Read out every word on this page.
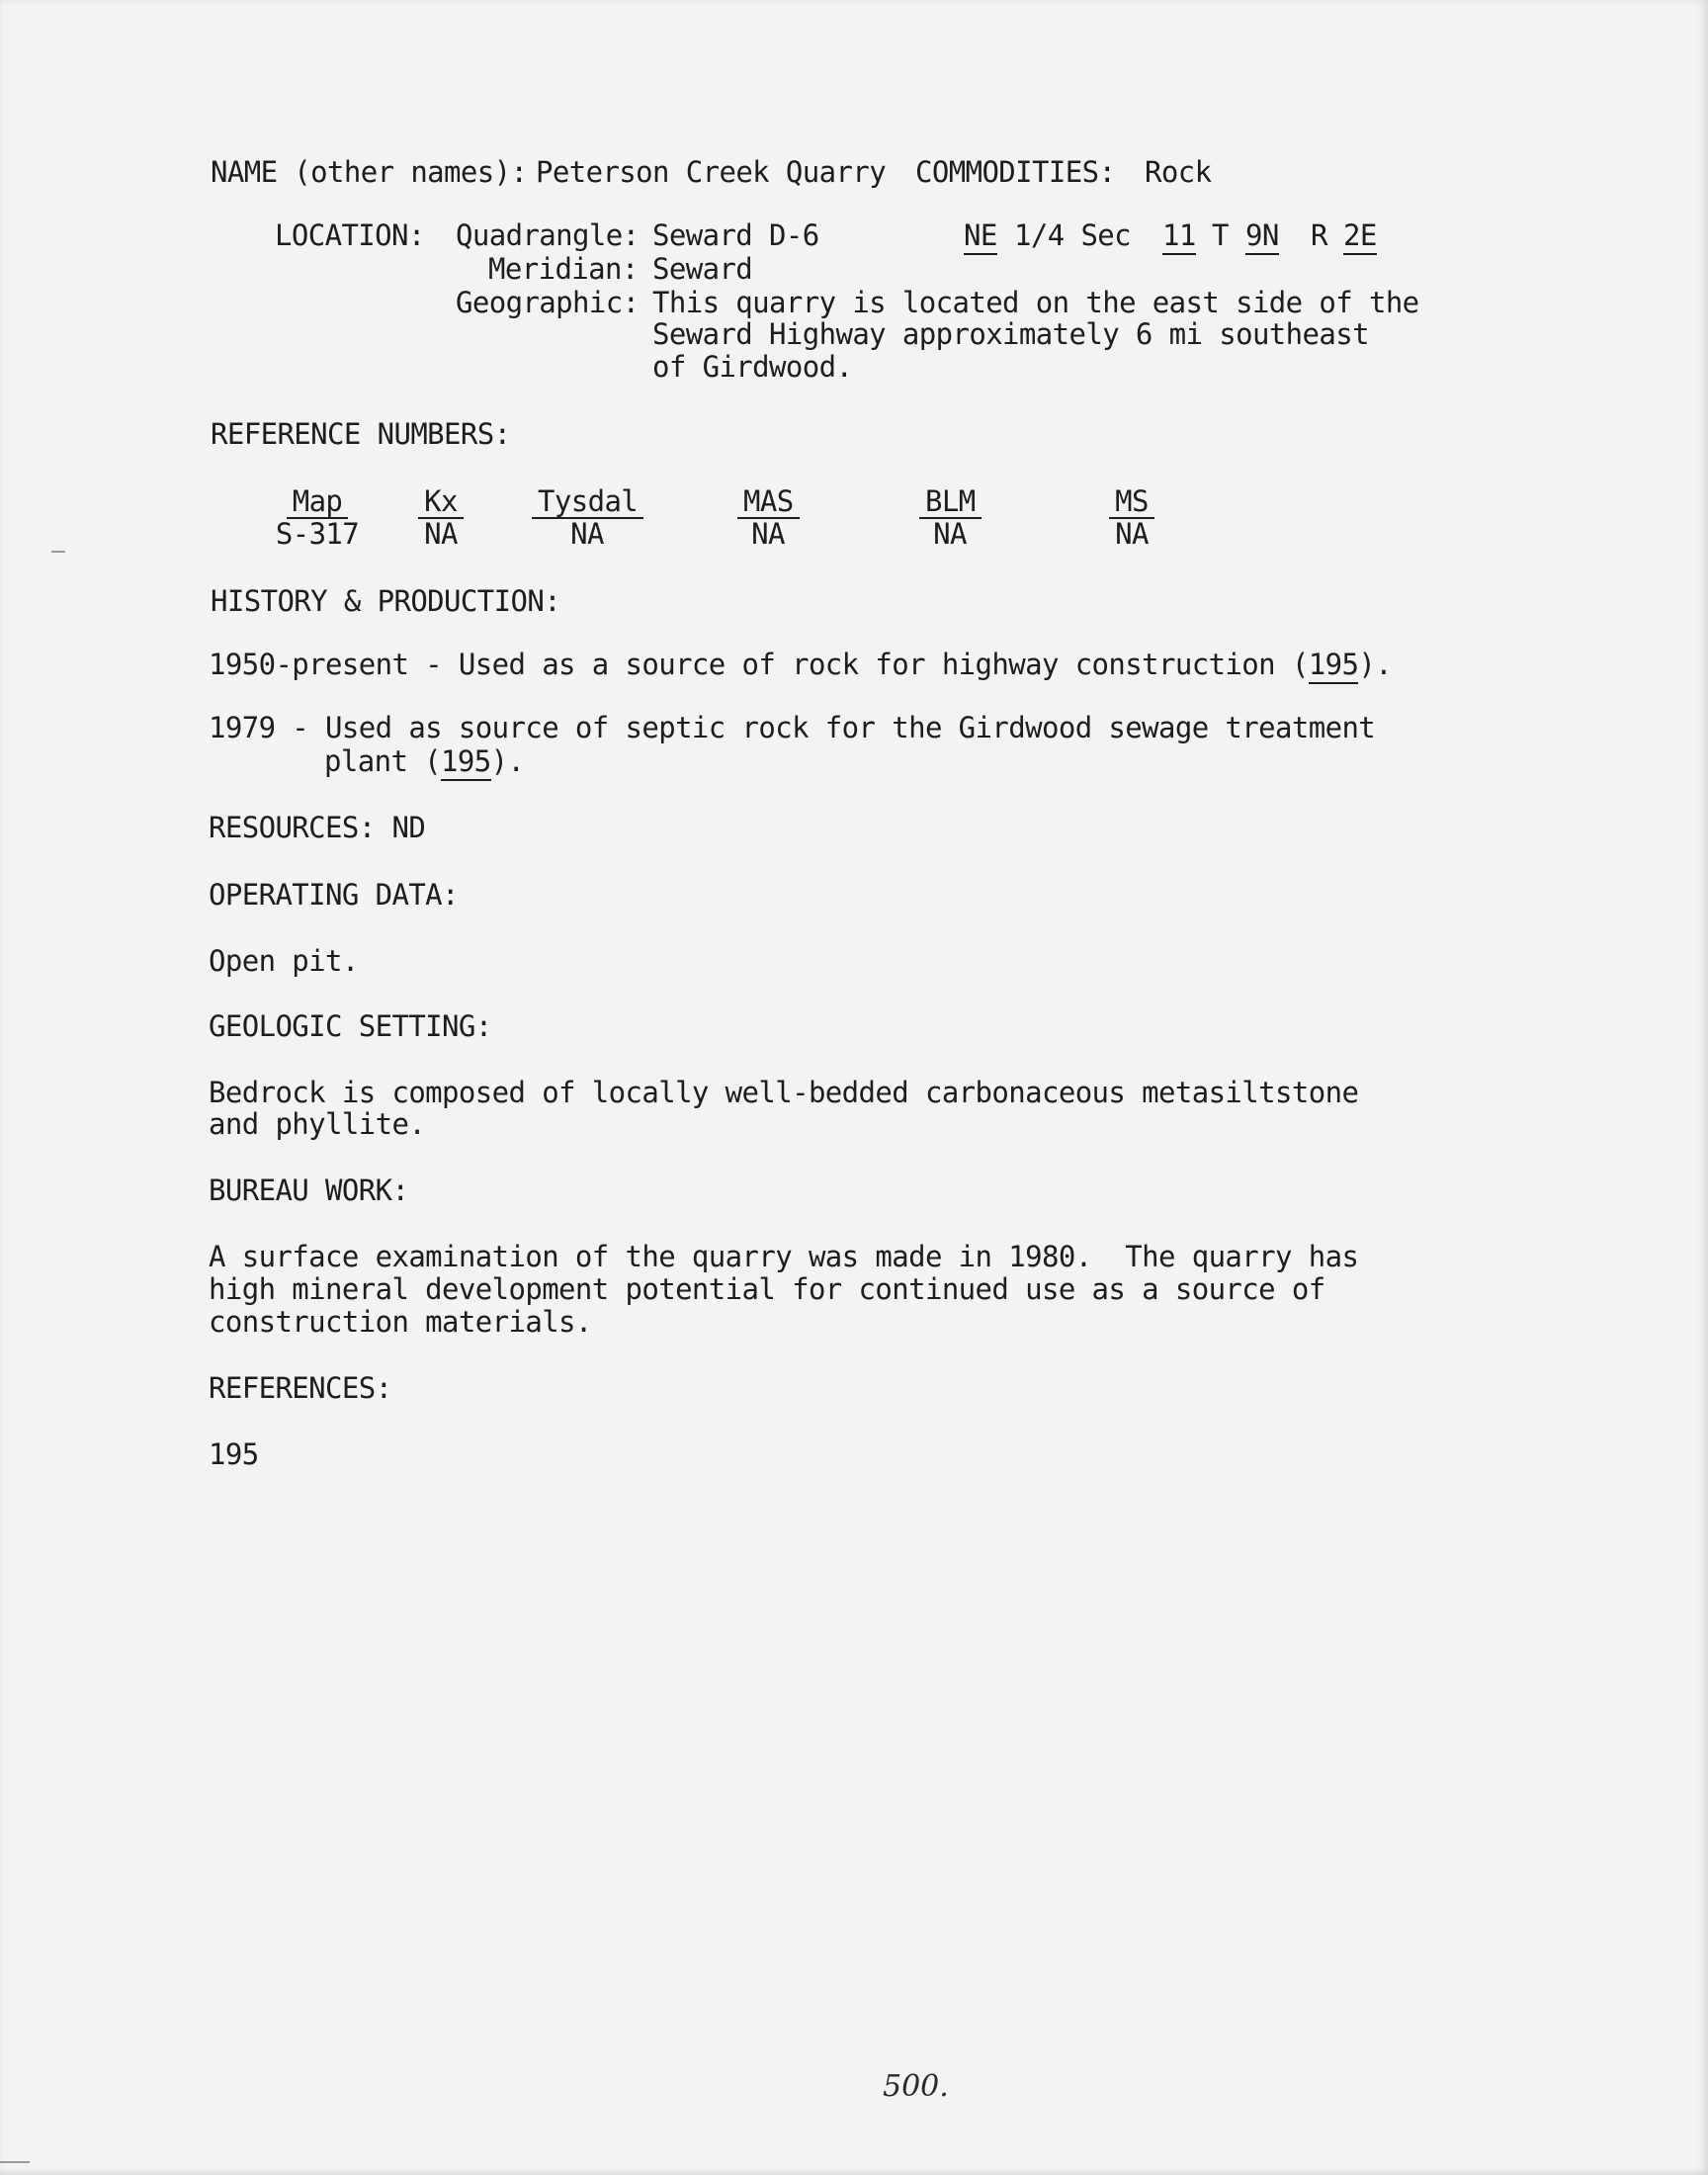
NAME (other names): Peterson Creek Quarry COMMODITIES: Rock
LOCATION: Quadrangle: Seward D-6	NE 1/4 Sec 11 T 9N R 2E
Meridian: Seward
Geographic: This quarry is located on the east side of the
Seward Highway approximately 6 mi southeast
of Girdwood.
REFERENCE NUMBERS:
Map
S-317
Kx
NA
Tysdal
NA
MAS
NA
BLM
NA
MS
NA
HISTORY & PRODUCTION:
1950-present - Used as a source of rock for highway construction (195).
1979 - Used as source of septic rock for the Girdwood sewage treatment
plant (195).
RESOURCES: ND
OPERATING DATA:
Open pit.
GEOLOGIC SETTING:
Bedrock is composed of locally well-bedded carbonaceous metasiltstone
and phyllite.
BUREAU WORK:
A surface examination of the quarry was made in 1980.  The quarry has
high mineral development potential for continued use as a source of
construction materials.
REFERENCES:
195
500.
